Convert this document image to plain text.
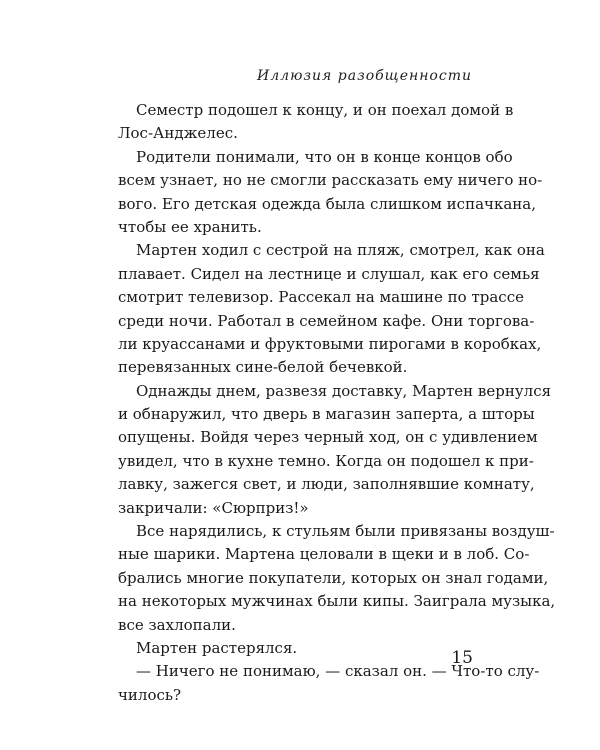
Иллюзия разобщенности
Семестр подошел к концу, и он поехал домой в
Лос-Анджелес.
Родители понимали, что он в конце концов обо
всем узнает, но не смогли рассказать ему ничего но-
вого. Его детская одежда была слишком испачкана,
чтобы ее хранить.
Мартен ходил с сестрой на пляж, смотрел, как она
плавает. Сидел на лестнице и слушал, как его семья
смотрит телевизор. Рассекал на машине по трассе
среди ночи. Работал в семейном кафе. Они торгова-
ли круассанами и фруктовыми пирогами в коробках,
перевязанных сине-белой бечевкой.
Однажды днем, развезя доставку, Мартен вернулся
и обнаружил, что дверь в магазин заперта, а шторы
опущены. Войдя через черный ход, он с удивлением
увидел, что в кухне темно. Когда он подошел к при-
лавку, зажегся свет, и люди, заполнявшие комнату,
закричали: «Сюрприз!»
Все нарядились, к стульям были привязаны воздуш-
ные шарики. Мартена целовали в щеки и в лоб. Со-
брались многие покупатели, которых он знал годами,
на некоторых мужчинах были кипы. Заиграла музыка,
все захлопали.
Мартен растерялся.
— Ничего не понимаю, — сказал он. — Что-то слу-
чилось?
15
